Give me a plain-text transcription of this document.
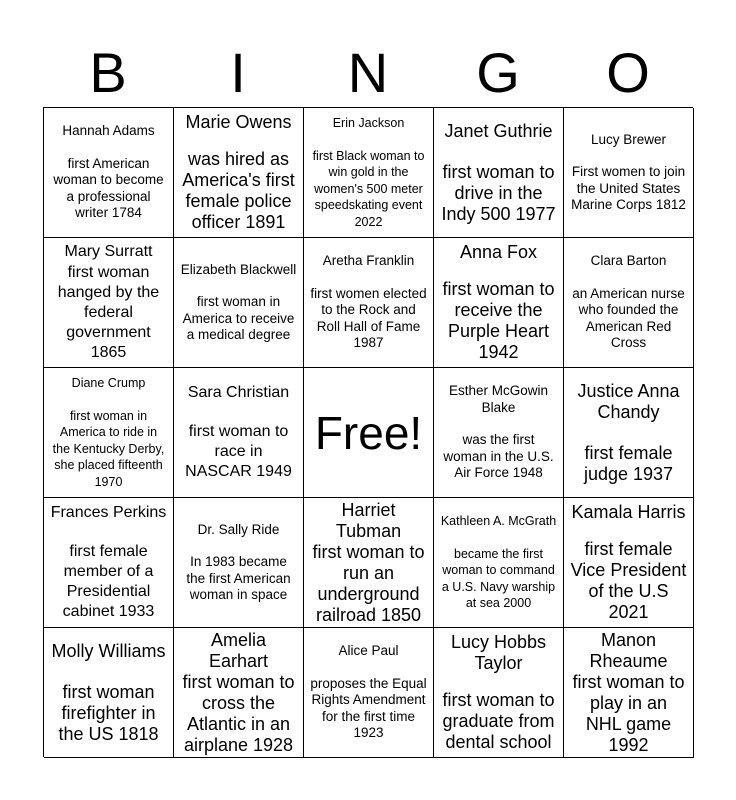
B	I	N	G	O
Hannah Adams
first American woman to become a professional writer 1784
Marie Owens
was hired as America's first female police officer 1891
Erin Jackson
first Black woman to win gold in the women's 500 meter speedskating event 2022
Janet Guthrie
first woman to drive in the Indy 500 1977
Lucy Brewer
First women to join the United States Marine Corps 1812
Mary Surratt
first woman hanged by the federal government 1865
Elizabeth Blackwell
first woman in America to receive a medical degree
Aretha Franklin
first women elected to the Rock and Roll Hall of Fame 1987
Anna Fox
first woman to receive the Purple Heart 1942
Clara Barton
an American nurse who founded the American Red Cross
Diane Crump
first woman in America to ride in the Kentucky Derby, she placed fifteenth 1970
Sara Christian
first woman to race in NASCAR 1949
Free!
Esther McGowin Blake
was the first woman in the U.S. Air Force 1948
Justice Anna Chandy
first female judge 1937
Frances Perkins
first female member of a Presidential cabinet 1933
Dr. Sally Ride
In 1983 became the first American woman in space
Harriet Tubman
first woman to run an underground railroad 1850
Kathleen A. McGrath
became the first woman to command a U.S. Navy warship at sea 2000
Kamala Harris
first female Vice President of the U.S 2021
Molly Williams
first woman firefighter in the US 1818
Amelia Earhart
first woman to cross the Atlantic in an airplane 1928
Alice Paul
proposes the Equal Rights Amendment for the first time 1923
Lucy Hobbs Taylor
first woman to graduate from dental school
Manon Rheaume
first woman to play in an NHL game 1992
